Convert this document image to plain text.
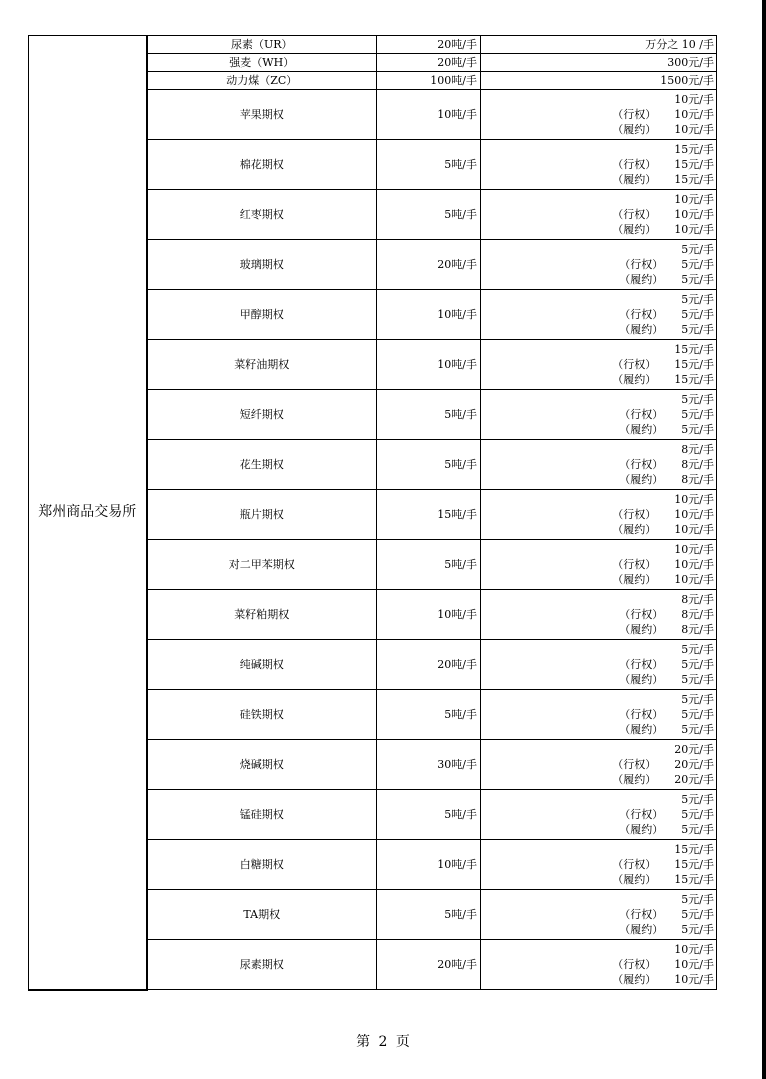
郑州商品交易所	尿素（UR）	20吨/手	万分之 10 /手
	强麦（WH）	20吨/手	300元/手
	动力煤（ZC）	100吨/手	1500元/手
	苹果期权	10吨/手	10元/手
（行权） 10元/手
（履约） 10元/手

	棉花期权	5吨/手	15元/手
（行权） 15元/手
（履约） 15元/手

	红枣期权	5吨/手	10元/手
（行权） 10元/手
（履约） 10元/手

	玻璃期权	20吨/手	5元/手
（行权） 5元/手
（履约） 5元/手

	甲醇期权	10吨/手	5元/手
（行权） 5元/手
（履约） 5元/手

	菜籽油期权	10吨/手	15元/手
（行权） 15元/手
（履约） 15元/手

	短纤期权	5吨/手	5元/手
（行权） 5元/手
（履约） 5元/手

	花生期权	5吨/手	8元/手
（行权） 8元/手
（履约） 8元/手

	瓶片期权	15吨/手	10元/手
（行权） 10元/手
（履约） 10元/手

	对二甲苯期权	5吨/手	10元/手
（行权） 10元/手
（履约） 10元/手

	菜籽粕期权	10吨/手	8元/手
（行权） 8元/手
（履约） 8元/手

	纯碱期权	20吨/手	5元/手
（行权） 5元/手
（履约） 5元/手

	硅铁期权	5吨/手	5元/手
（行权） 5元/手
（履约） 5元/手

	烧碱期权	30吨/手	20元/手
（行权） 20元/手
（履约） 20元/手

	锰硅期权	5吨/手	5元/手
（行权） 5元/手
（履约） 5元/手

	白糖期权	10吨/手	15元/手
（行权） 15元/手
（履约） 15元/手

	TA期权	5吨/手	5元/手
（行权） 5元/手
（履约） 5元/手

	尿素期权	20吨/手	10元/手
（行权） 10元/手
（履约） 10元/手
第 2 页
